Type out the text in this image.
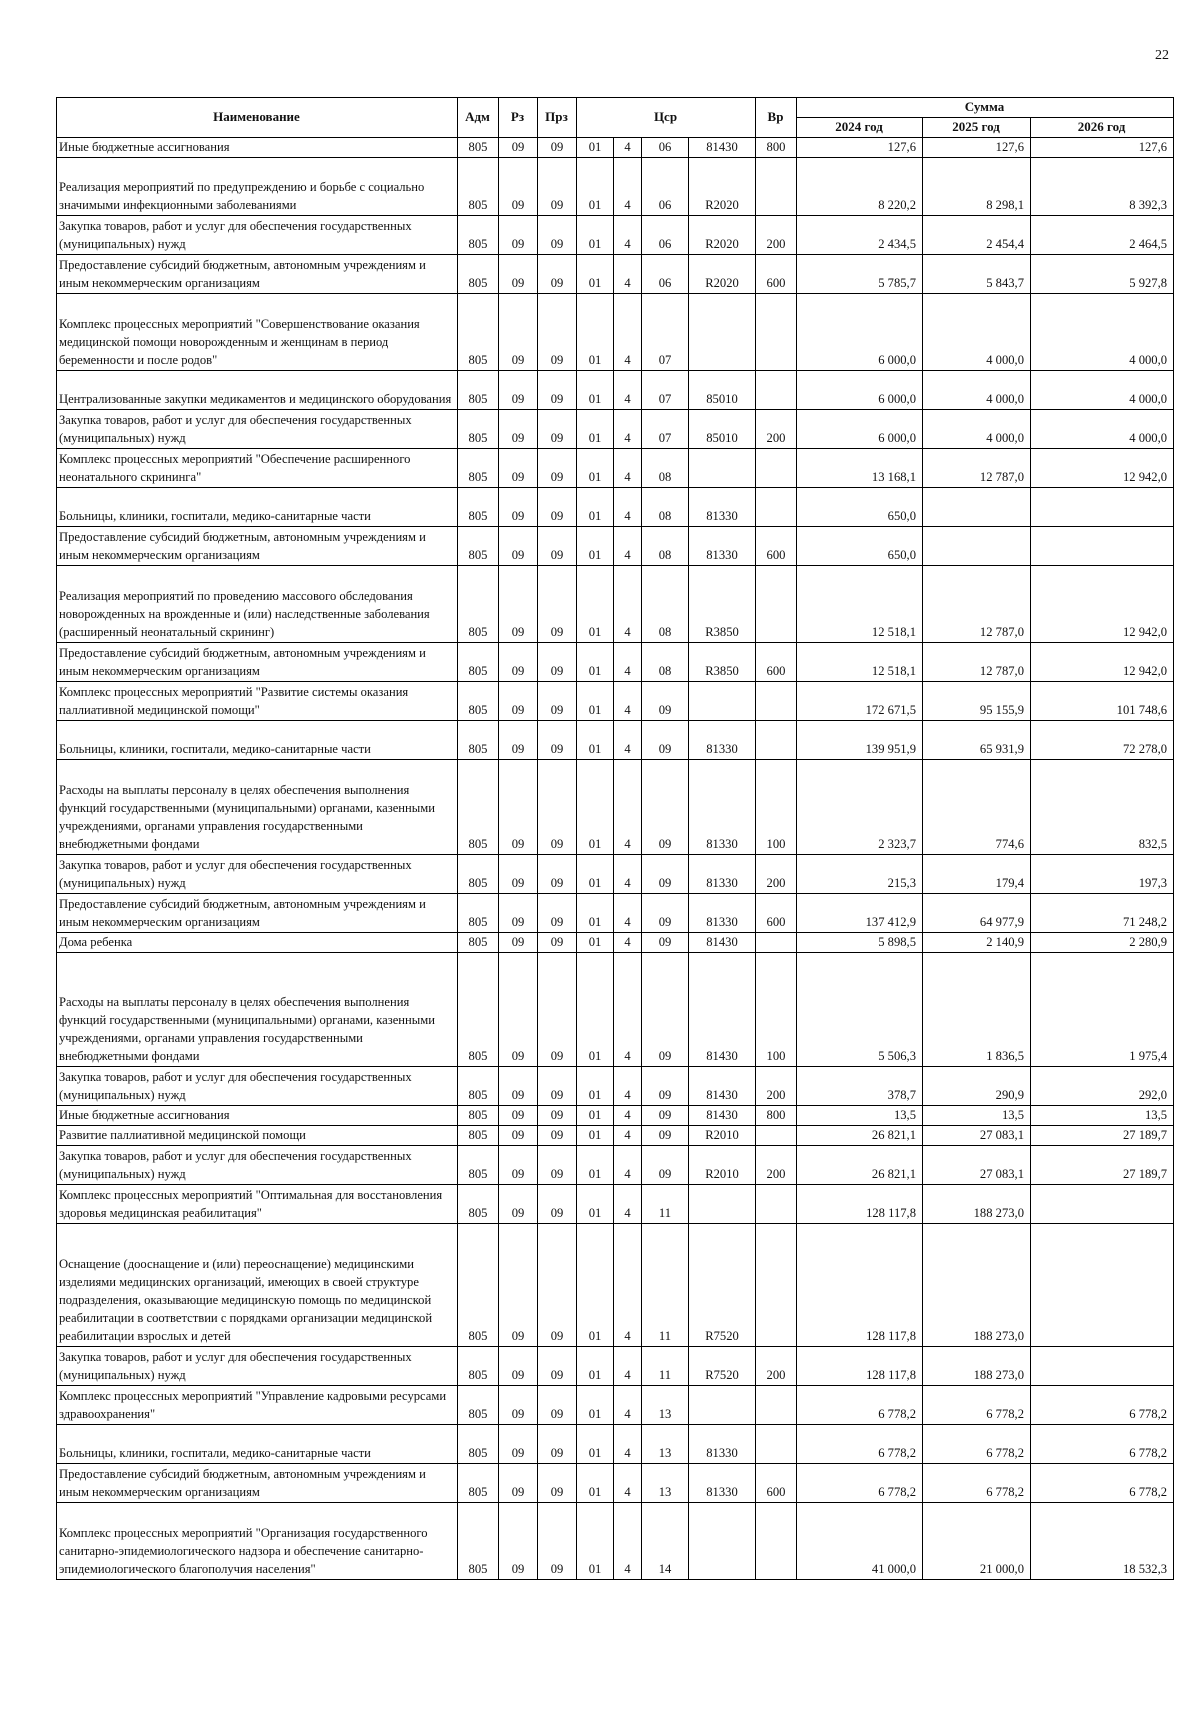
22
Наименование	Адм	Рз	Прз	Цср				Вр	Сумма		
									2024 год	2025 год	2026 год
Иные бюджетные ассигнования	805	09	09	01	4	06	81430	800	127,6	127,6	127,6
Реализация мероприятий по предупреждению и борьбе с социально значимыми инфекционными заболеваниями	805	09	09	01	4	06	R2020		8 220,2	8 298,1	8 392,3
Закупка товаров, работ и услуг для обеспечения государственных (муниципальных) нужд	805	09	09	01	4	06	R2020	200	2 434,5	2 454,4	2 464,5
Предоставление субсидий бюджетным, автономным учреждениям и иным некоммерческим организациям	805	09	09	01	4	06	R2020	600	5 785,7	5 843,7	5 927,8
Комплекс процессных мероприятий "Совершенствование оказания медицинской помощи новорожденным и женщинам в период беременности и после родов"	805	09	09	01	4	07			6 000,0	4 000,0	4 000,0
Централизованные закупки медикаментов и медицинского оборудования	805	09	09	01	4	07	85010		6 000,0	4 000,0	4 000,0
Закупка товаров, работ и услуг для обеспечения государственных (муниципальных) нужд	805	09	09	01	4	07	85010	200	6 000,0	4 000,0	4 000,0
Комплекс процессных мероприятий "Обеспечение расширенного неонатального скрининга"	805	09	09	01	4	08			13 168,1	12 787,0	12 942,0
Больницы, клиники, госпитали, медико-санитарные части	805	09	09	01	4	08	81330		650,0		
Предоставление субсидий бюджетным, автономным учреждениям и иным некоммерческим организациям	805	09	09	01	4	08	81330	600	650,0		
Реализация мероприятий по проведению массового обследования новорожденных на врожденные и (или) наследственные заболевания (расширенный неонатальный скрининг)	805	09	09	01	4	08	R3850		12 518,1	12 787,0	12 942,0
Предоставление субсидий бюджетным, автономным учреждениям и иным некоммерческим организациям	805	09	09	01	4	08	R3850	600	12 518,1	12 787,0	12 942,0
Комплекс процессных мероприятий "Развитие системы оказания паллиативной медицинской помощи"	805	09	09	01	4	09			172 671,5	95 155,9	101 748,6
Больницы, клиники, госпитали, медико-санитарные части	805	09	09	01	4	09	81330		139 951,9	65 931,9	72 278,0
Расходы на выплаты персоналу в целях обеспечения выполнения функций государственными (муниципальными) органами, казенными учреждениями, органами управления государственными внебюджетными фондами	805	09	09	01	4	09	81330	100	2 323,7	774,6	832,5
Закупка товаров, работ и услуг для обеспечения государственных (муниципальных) нужд	805	09	09	01	4	09	81330	200	215,3	179,4	197,3
Предоставление субсидий бюджетным, автономным учреждениям и иным некоммерческим организациям	805	09	09	01	4	09	81330	600	137 412,9	64 977,9	71 248,2
Дома ребенка	805	09	09	01	4	09	81430		5 898,5	2 140,9	2 280,9
Расходы на выплаты персоналу в целях обеспечения выполнения функций государственными (муниципальными) органами, казенными учреждениями, органами управления государственными внебюджетными фондами	805	09	09	01	4	09	81430	100	5 506,3	1 836,5	1 975,4
Закупка товаров, работ и услуг для обеспечения государственных (муниципальных) нужд	805	09	09	01	4	09	81430	200	378,7	290,9	292,0
Иные бюджетные ассигнования	805	09	09	01	4	09	81430	800	13,5	13,5	13,5
Развитие паллиативной медицинской помощи	805	09	09	01	4	09	R2010		26 821,1	27 083,1	27 189,7
Закупка товаров, работ и услуг для обеспечения государственных (муниципальных) нужд	805	09	09	01	4	09	R2010	200	26 821,1	27 083,1	27 189,7
Комплекс процессных мероприятий "Оптимальная для восстановления здоровья медицинская реабилитация"	805	09	09	01	4	11			128 117,8	188 273,0	
Оснащение (дооснащение и (или) переоснащение) медицинскими изделиями медицинских организаций, имеющих в своей структуре подразделения, оказывающие медицинскую помощь по медицинской реабилитации в соответствии с порядками организации медицинской реабилитации взрослых и детей	805	09	09	01	4	11	R7520		128 117,8	188 273,0	
Закупка товаров, работ и услуг для обеспечения государственных (муниципальных) нужд	805	09	09	01	4	11	R7520	200	128 117,8	188 273,0	
Комплекс процессных мероприятий "Управление кадровыми ресурсами здравоохранения"	805	09	09	01	4	13			6 778,2	6 778,2	6 778,2
Больницы, клиники, госпитали, медико-санитарные части	805	09	09	01	4	13	81330		6 778,2	6 778,2	6 778,2
Предоставление субсидий бюджетным, автономным учреждениям и иным некоммерческим организациям	805	09	09	01	4	13	81330	600	6 778,2	6 778,2	6 778,2
Комплекс процессных мероприятий "Организация государственного санитарно-эпидемиологического надзора и обеспечение санитарно-эпидемиологического благополучия населения"	805	09	09	01	4	14			41 000,0	21 000,0	18 532,3
